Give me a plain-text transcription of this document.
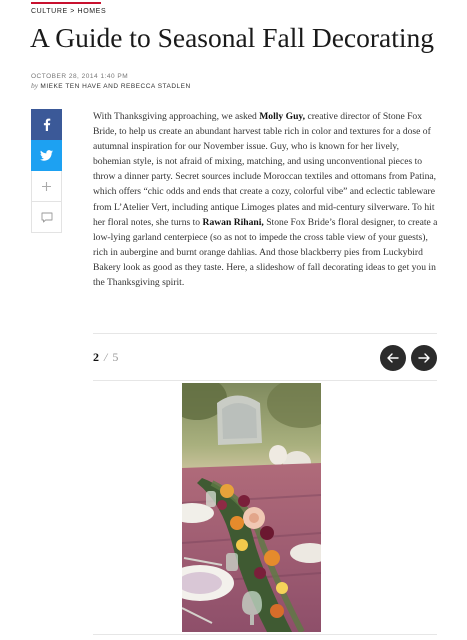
CULTURE > HOMES
A Guide to Seasonal Fall Decorating
OCTOBER 28, 2014 1:40 PM
by MIEKE TEN HAVE AND REBECCA STADLEN

With Thanksgiving approaching, we asked Molly Guy, creative director of Stone Fox Bride, to help us create an abundant harvest table rich in color and textures for a dose of autumnal inspiration for our November issue. Guy, who is known for her lively, bohemian style, is not afraid of mixing, matching, and using unconventional pieces to throw a dinner party. Secret sources include Moroccan textiles and ottomans from Patina, which offers “chic odds and ends that create a cozy, colorful vibe” and eclectic tableware from L’Atelier Vert, including antique Limoges plates and mid-century silverware. To hit her floral notes, she turns to Rawan Rihani, Stone Fox Bride’s floral designer, to create a low-lying garland centerpiece (so as not to impede the cross table view of your guests), rich in aubergine and burnt orange dahlias. And those blackberry pies from Luckybird Bakery look as good as they taste. Here, a slideshow of fall decorating ideas to get you in the Thanksgiving spirit.

2 / 5
